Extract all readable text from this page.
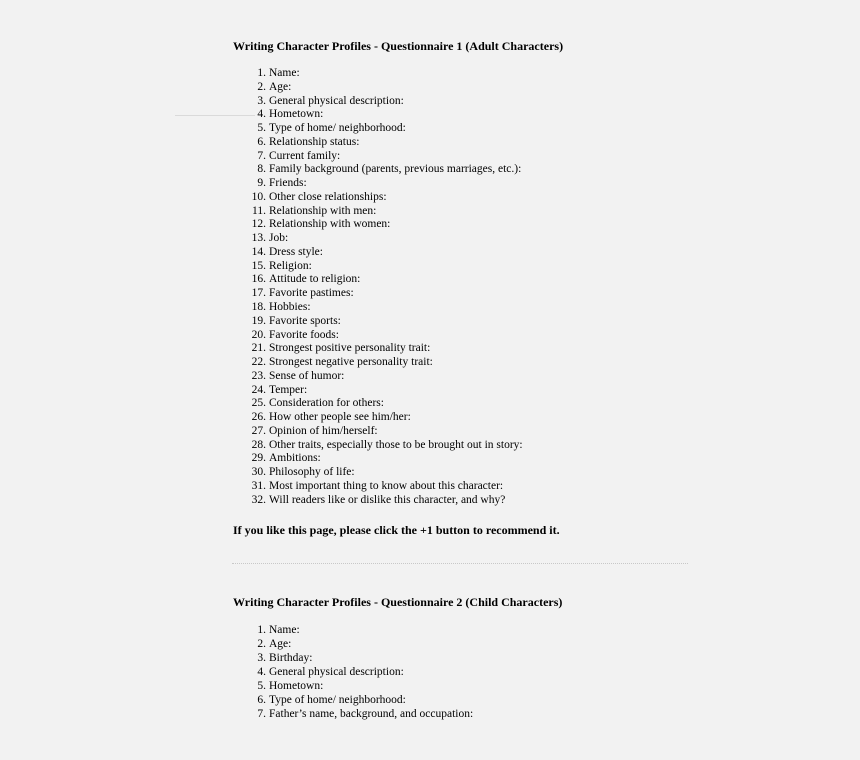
Writing Character Profiles - Questionnaire 1 (Adult Characters)
1. Name:
2. Age:
3. General physical description:
4. Hometown:
5. Type of home/ neighborhood:
6. Relationship status:
7. Current family:
8. Family background (parents, previous marriages, etc.):
9. Friends:
10. Other close relationships:
11. Relationship with men:
12. Relationship with women:
13. Job:
14. Dress style:
15. Religion:
16. Attitude to religion:
17. Favorite pastimes:
18. Hobbies:
19. Favorite sports:
20. Favorite foods:
21. Strongest positive personality trait:
22. Strongest negative personality trait:
23. Sense of humor:
24. Temper:
25. Consideration for others:
26. How other people see him/her:
27. Opinion of him/herself:
28. Other traits, especially those to be brought out in story:
29. Ambitions:
30. Philosophy of life:
31. Most important thing to know about this character:
32. Will readers like or dislike this character, and why?
If you like this page, please click the +1 button to recommend it.
Writing Character Profiles - Questionnaire 2 (Child Characters)
1. Name:
2. Age:
3. Birthday:
4. General physical description:
5. Hometown:
6. Type of home/ neighborhood:
7. Father’s name, background, and occupation:
